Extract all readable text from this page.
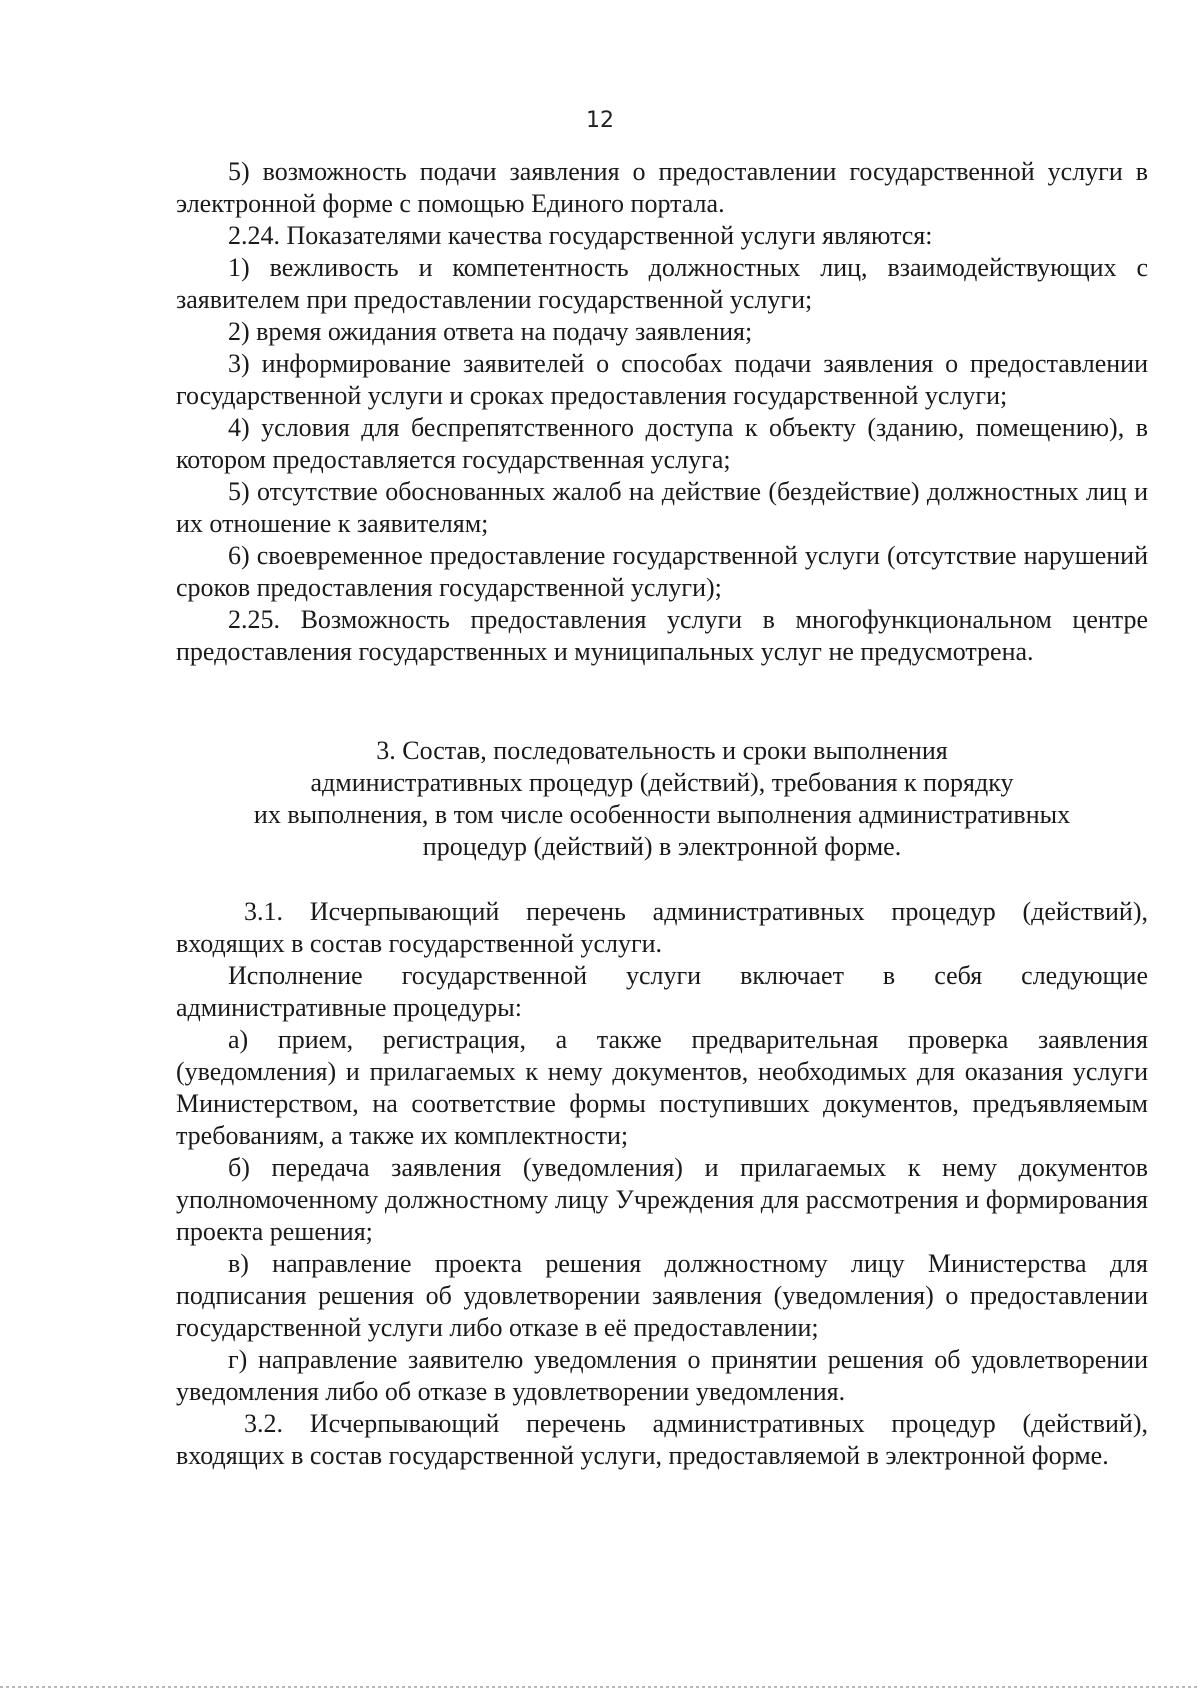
12

5) возможность подачи заявления о предоставлении государственной услуги в электронной форме с помощью Единого портала.

2.24. Показателями качества государственной услуги являются:

1) вежливость и компетентность должностных лиц, взаимодействующих с заявителем при предоставлении государственной услуги;

2) время ожидания ответа на подачу заявления;

3) информирование заявителей о способах подачи заявления о предоставлении государственной услуги и сроках предоставления государственной услуги;

4) условия для беспрепятственного доступа к объекту (зданию, помещению), в котором предоставляется государственная услуга;

5) отсутствие обоснованных жалоб на действие (бездействие) должностных лиц и их отношение к заявителям;

6) своевременное предоставление государственной услуги (отсутствие нарушений сроков предоставления государственной услуги);

2.25. Возможность предоставления услуги в многофункциональном центре предоставления государственных и муниципальных услуг не предусмотрена.

3. Состав, последовательность и сроки выполнения
административных процедур (действий), требования к порядку
их выполнения, в том числе особенности выполнения административных
процедур (действий) в электронной форме.

3.1. Исчерпывающий перечень административных процедур (действий), входящих в состав государственной услуги.

Исполнение государственной услуги включает в себя следующие административные процедуры:

а) прием, регистрация, а также предварительная проверка заявления (уведомления) и прилагаемых к нему документов, необходимых для оказания услуги Министерством, на соответствие формы поступивших документов, предъявляемым требованиям, а также их комплектности;

б) передача заявления (уведомления) и прилагаемых к нему документов уполномоченному должностному лицу Учреждения для рассмотрения и формирования проекта решения;

в) направление проекта решения должностному лицу Министерства для подписания решения об удовлетворении заявления (уведомления) о предоставлении государственной услуги либо отказе в её предоставлении;

г) направление заявителю уведомления о принятии решения об удовлетворении уведомления либо об отказе в удовлетворении уведомления.

3.2. Исчерпывающий перечень административных процедур (действий), входящих в состав государственной услуги, предоставляемой в электронной форме.
